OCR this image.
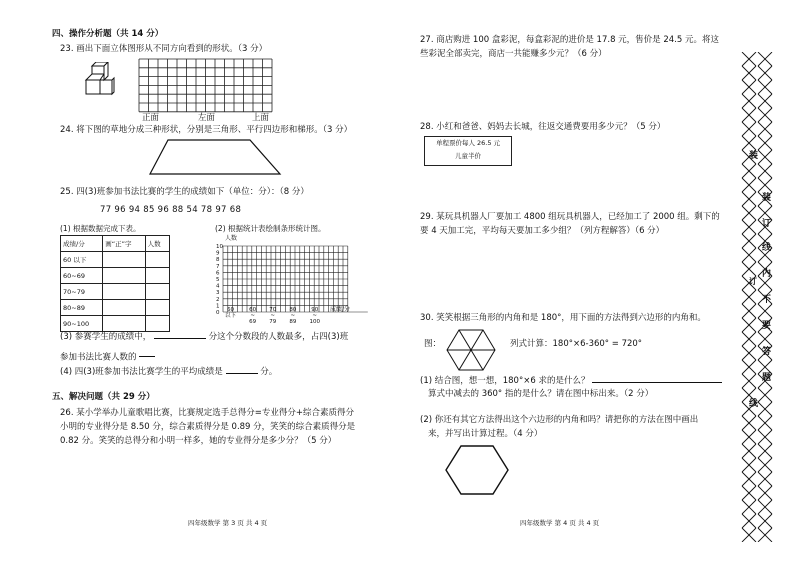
四、操作分析题（共 14 分）
23. 画出下面立体图形从不同方向看到的形状。（3 分）
正面	左面	上面
24. 将下图的草地分成三种形状，分别是三角形、平行四边形和梯形。（3 分）
25. 四(3)班参加书法比赛的学生的成绩如下（单位：分）：（8 分）
77 96 94 85 96 88 54 78 97 68
(1) 根据数据完成下表。	(2) 根据统计表绘制条形统计图。
成绩/分	画“正”字	人数
60 以下		
60~69		
70~79		
80~89		
90~100		
人数
0
1
2
3
4
5
6
7
8
9
10
成绩/分
60
以下
60
~
69
70
~
79
80
~
89
90
~
100
(3) 参赛学生的成绩中，	分这个分数段的人数最多，占四(3)班
参加书法比赛人数的
(4) 四(3)班参加书法比赛学生的平均成绩是	分。
五、解决问题（共 29 分）
26. 某小学举办儿童歌唱比赛，比赛规定选手总得分=专业得分+综合素质得分
小明的专业得分是 8.50 分，综合素质得分是 0.89 分，笑笑的综合素质得分是
0.82 分。笑笑的总得分和小明一样多，她的专业得分是多少分？（5 分）
四年级数学 第 3 页 共 4 页
27. 商店购进 100 盒彩泥，每盒彩泥的进价是 17.8 元，售价是 24.5 元。将这
些彩泥全部卖完，商店一共能赚多少元？（6 分）
28. 小红和爸爸、妈妈去长城，往返交通费要用多少元？（5 分）
单程票价每人 26.5 元
儿童半价
29. 某玩具机器人厂要加工 4800 组玩具机器人，已经加工了 2000 组。剩下的
要 4 天加工完，平均每天要加工多少组？（列方程解答）（6 分）
30. 笑笑根据三角形的内角和是 180°，用下面的方法得到六边形的内角和。
图：	列式计算：180°×6-360° = 720°
(1) 结合图，想一想，180°×6 求的是什么？
算式中减去的 360° 指的是什么？请在图中标出来。（2 分）
(2) 你还有其它方法得出这个六边形的内角和吗？请把你的方法在图中画出
来，并写出计算过程。（4 分）
四年级数学 第 4 页 共 4 页
装
装
订
线
内
订
不
要
答
题
线
